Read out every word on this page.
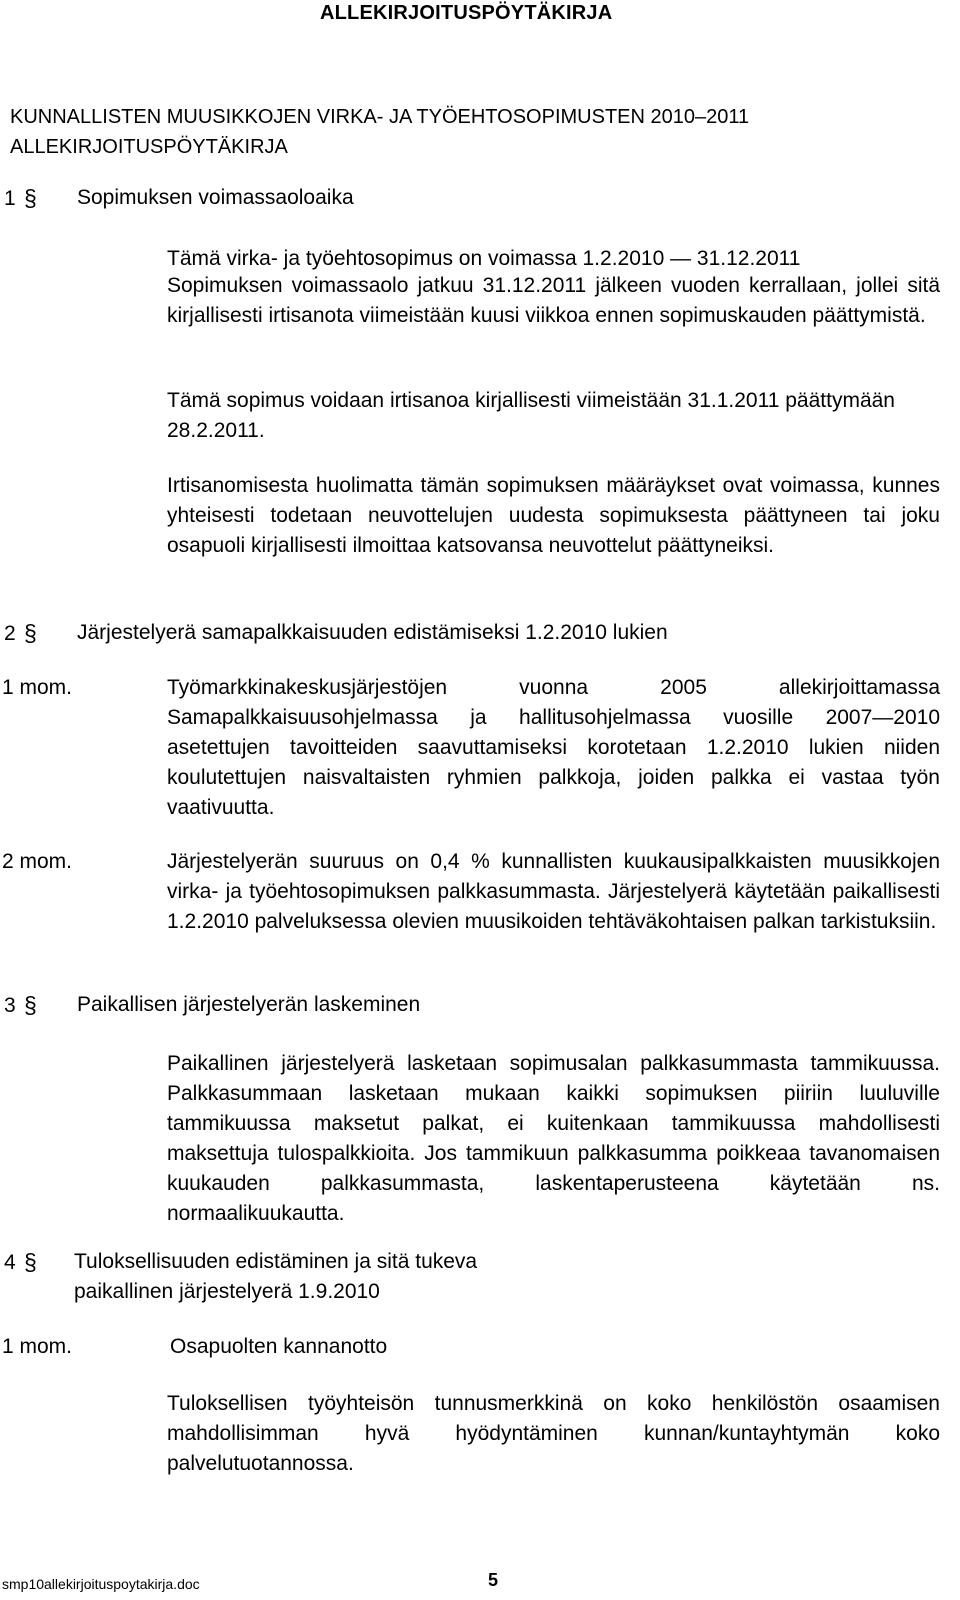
ALLEKIRJOITUSPÖYTÄKIRJA
KUNNALLISTEN MUUSIKKOJEN VIRKA- JA TYÖEHTOSOPIMUSTEN 2010–2011 ALLEKIRJOITUSPÖYTÄKIRJA
1 § Sopimuksen voimassaoloaika
Tämä virka- ja työehtosopimus on voimassa 1.2.2010 — 31.12.2011
Sopimuksen voimassaolo jatkuu 31.12.2011 jälkeen vuoden kerrallaan, jollei sitä kirjallisesti irtisanota viimeistään kuusi viikkoa ennen sopimuskauden päättymistä.
Tämä sopimus voidaan irtisanoa kirjallisesti viimeistään 31.1.2011 päättymään 28.2.2011.
Irtisanomisesta huolimatta tämän sopimuksen määräykset ovat voimassa, kunnes yhteisesti todetaan neuvottelujen uudesta sopimuksesta päättyneen tai joku osapuoli kirjallisesti ilmoittaa katsovansa neuvottelut päättyneiksi.
2 § Järjestelyerä samapalkkaisuuden edistämiseksi 1.2.2010 lukien
1 mom.	Työmarkkinakeskusjärjestöjen vuonna 2005 allekirjoittamassa Samapalkkaisuusohjelmassa ja hallitusohjelmassa vuosille 2007—2010 asetettujen tavoitteiden saavuttamiseksi korotetaan 1.2.2010 lukien niiden koulutettujen naisvaltaisten ryhmien palkkoja, joiden palkka ei vastaa työn vaativuutta.
2 mom.	Järjestelyerän suuruus on 0,4 % kunnallisten kuukausipalkkaisten muusikkojen virka- ja työehtosopimuksen palkkasummasta. Järjestelyerä käytetään paikallisesti 1.2.2010 palveluksessa olevien muusikoiden tehtäväkohtaisen palkan tarkistuksiin.
3 § Paikallisen järjestelyerän laskeminen
Paikallinen järjestelyerä lasketaan sopimusalan palkkasummasta tammikuussa. Palkkasummaan lasketaan mukaan kaikki sopimuksen piiriin luuluville tammikuussa maksetut palkat, ei kuitenkaan tammikuussa mahdollisesti maksettuja tulospalkkioita. Jos tammikuun palkkasumma poikkeaa tavanomaisen kuukauden palkkasummasta, laskentaperusteena käytetään ns. normaalikuukautta.
4 § Tuloksellisuuden edistäminen ja sitä tukeva
paikallinen järjestelyerä 1.9.2010
1 mom.	Osapuolten kannanotto
Tuloksellisen työyhteisön tunnusmerkkinä on koko henkilöstön osaamisen mahdollisimman hyvä hyödyntäminen kunnan/kuntayhtymän koko palvelutuotannossa.
smp10allekirjoituspoytakirja.doc	5
